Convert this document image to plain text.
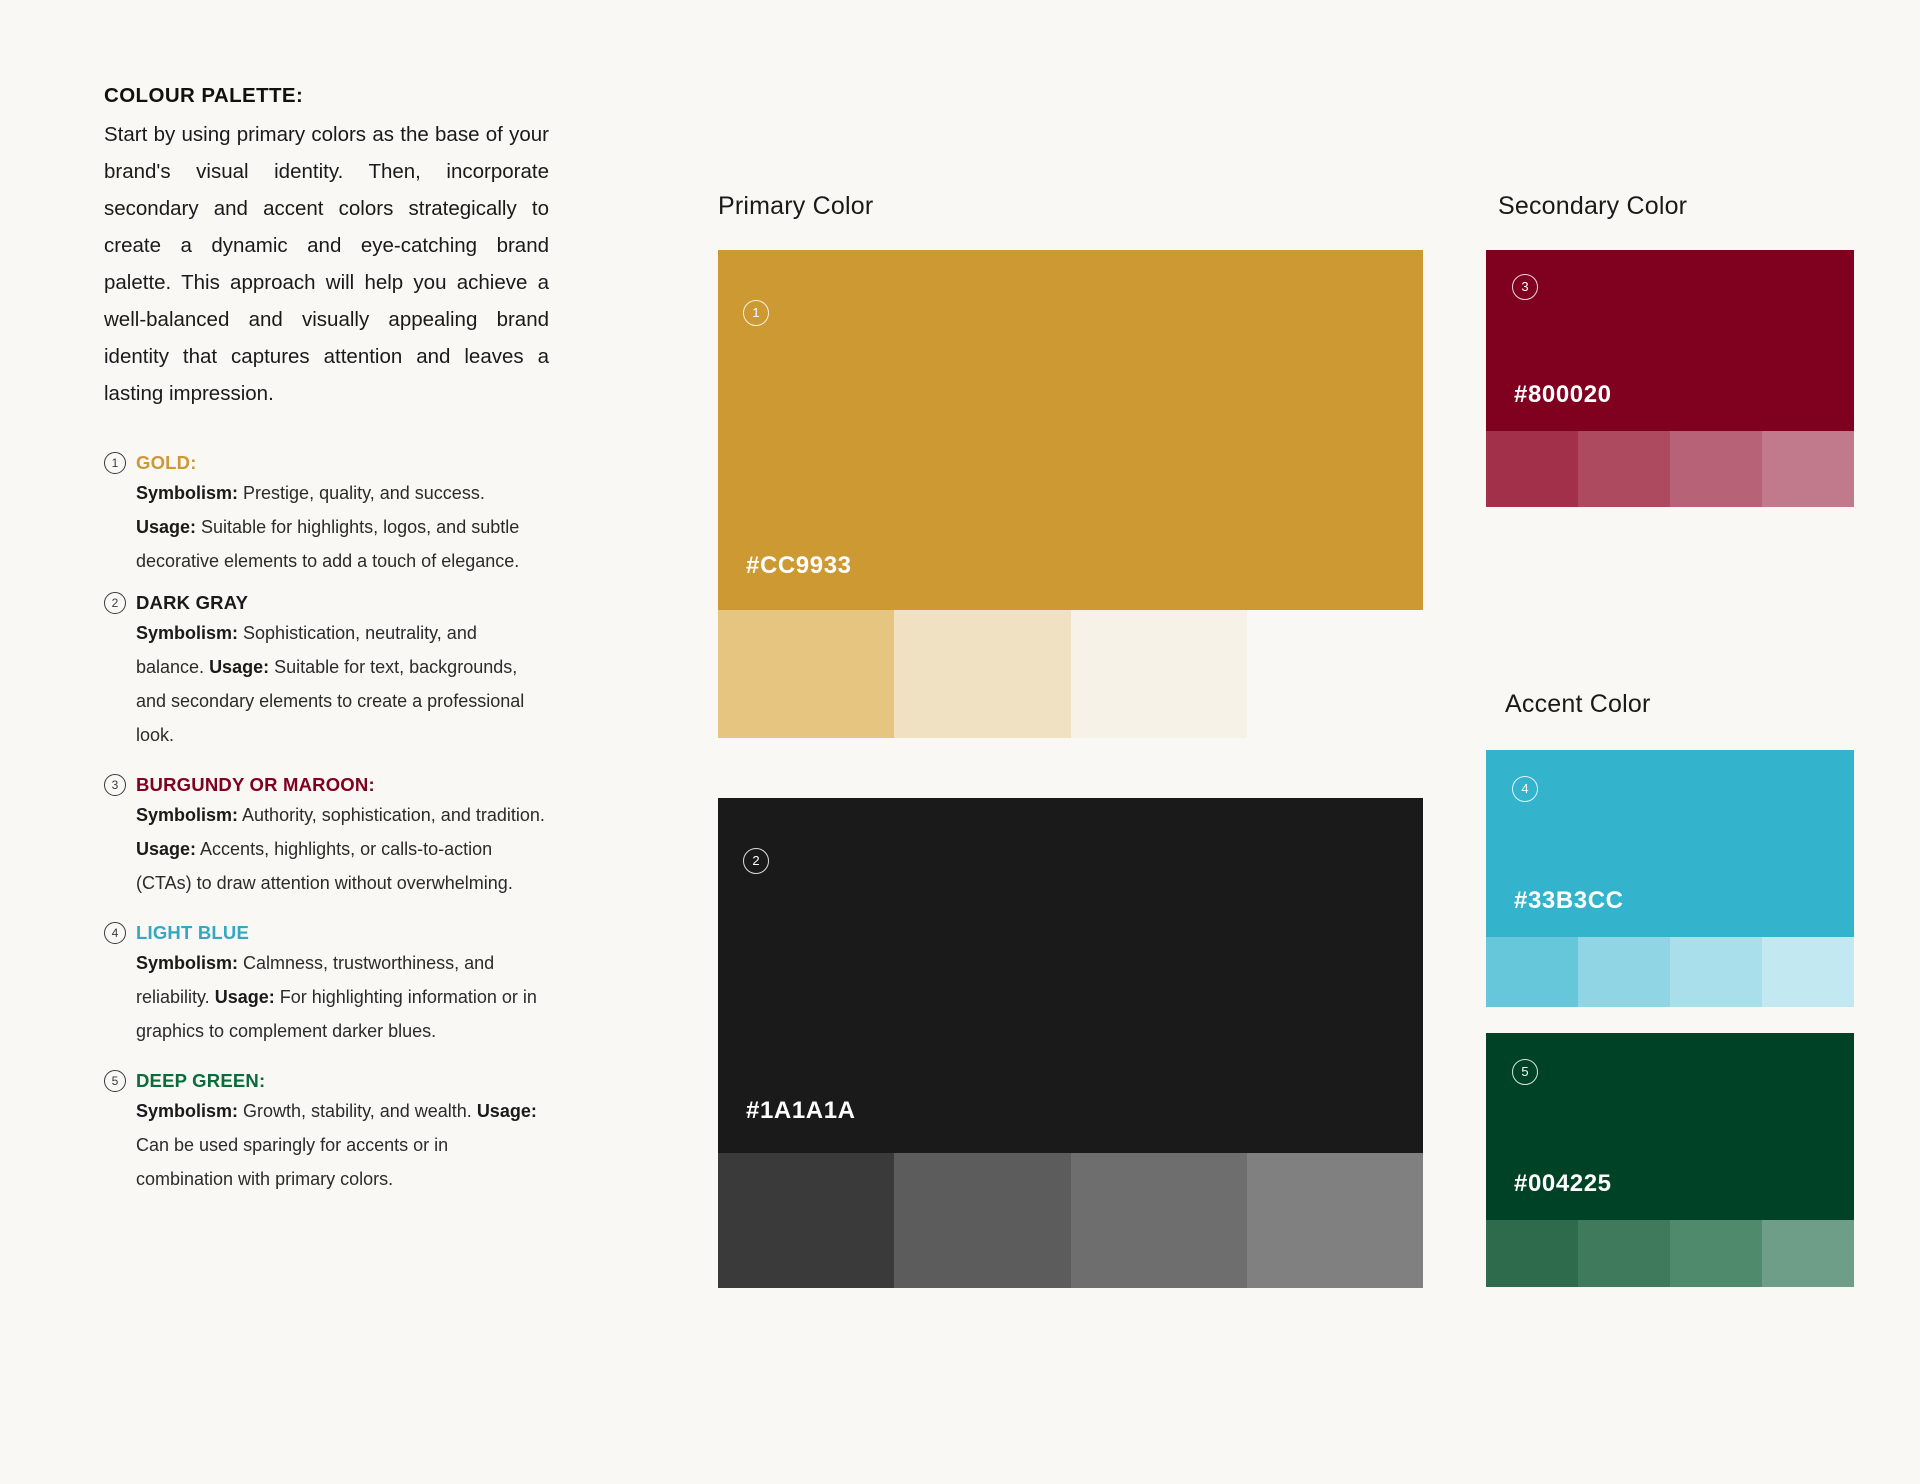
COLOUR PALETTE:

Start by using primary colors as the base of your brand's visual identity. Then, incorporate secondary and accent colors strategically to create a dynamic and eye-catching brand palette. This approach will help you achieve a well-balanced and visually appealing brand identity that captures attention and leaves a lasting impression.

1 GOLD:
Symbolism: Prestige, quality, and success. Usage: Suitable for highlights, logos, and subtle decorative elements to add a touch of elegance.
2 DARK GRAY
Symbolism: Sophistication, neutrality, and balance. Usage: Suitable for text, backgrounds, and secondary elements to create a professional look.
3 BURGUNDY OR MAROON:
Symbolism: Authority, sophistication, and tradition. Usage: Accents, highlights, or calls-to-action (CTAs) to draw attention without overwhelming.
4 LIGHT BLUE
Symbolism: Calmness, trustworthiness, and reliability. Usage: For highlighting information or in graphics to complement darker blues.
5 DEEP GREEN:
Symbolism: Growth, stability, and wealth. Usage: Can be used sparingly for accents or in combination with primary colors.
Primary Color	Secondary Color
Accent Color
1
#CC9933
2
#1A1A1A
3
#800020
4
#33B3CC
5
#004225
